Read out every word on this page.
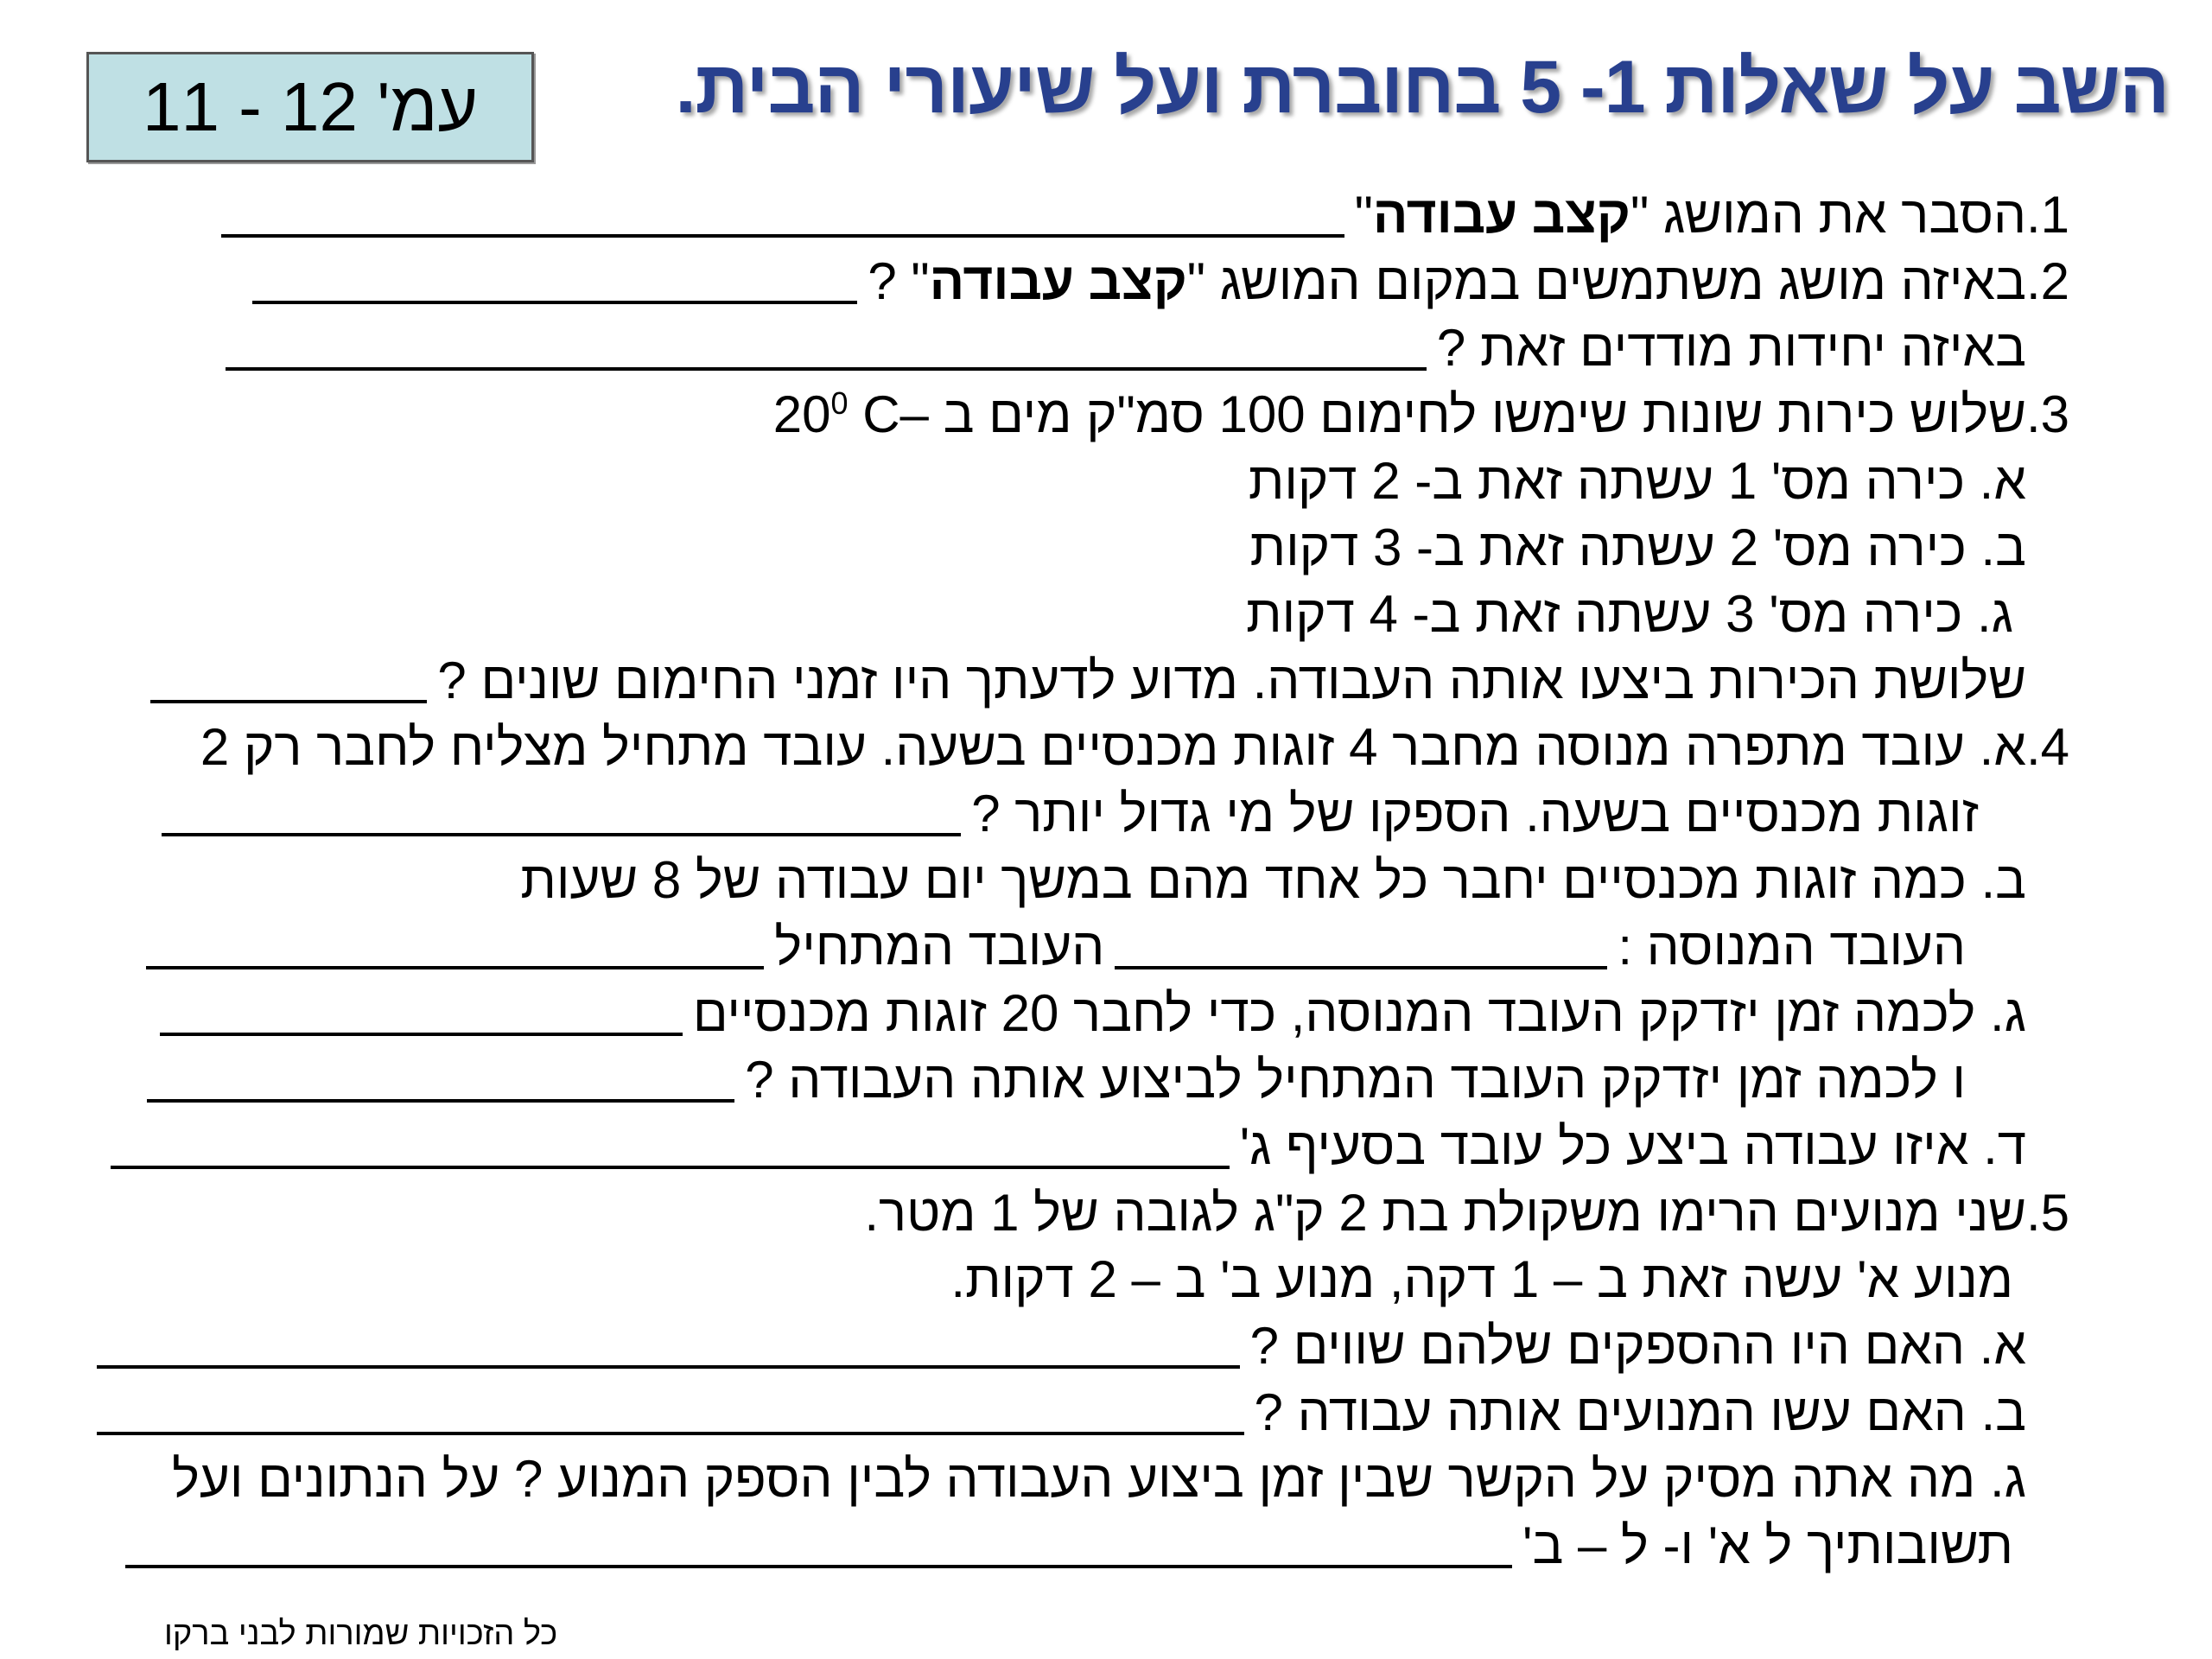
עמ' 12 - 11	השב על שאלות 1- 5 בחוברת ועל שיעורי הבית.
.1
הסבר את המושג "קצב עבודה"
.2
באיזה מושג משתמשים במקום המושג "קצב עבודה" ?
באיזה יחידות מודדים זאת ?
.3
שלוש כירות שונות שימשו לחימום 100 סמ"ק מים ב –
$20^0$ C
א. כירה מס' 1 עשתה זאת ב- 2 דקות
ב. כירה מס' 2 עשתה זאת ב- 3 דקות
ג. כירה מס' 3 עשתה זאת ב- 4 דקות
שלושת הכירות ביצעו אותה העבודה. מדוע לדעתך היו זמני החימום שונים ?
.4
א. עובד מתפרה מנוסה מחבר 4 זוגות מכנסיים בשעה. עובד מתחיל מצליח לחבר רק 2
זוגות מכנסיים בשעה. הספקו של מי גדול יותר ?
ב. כמה זוגות מכנסיים יחבר כל אחד מהם במשך יום עבודה של 8 שעות
העובד המנוסה :
העובד המתחיל
ג. לכמה זמן יזדקק העובד המנוסה, כדי לחבר 20 זוגות מכנסיים
ו לכמה זמן יזדקק העובד המתחיל לביצוע אותה העבודה ?
ד. איזו עבודה ביצע כל עובד בסעיף ג'
.5
שני מנועים הרימו משקולת בת 2 ק"ג לגובה של 1 מטר.
מנוע א' עשה זאת ב – 1 דקה, מנוע ב' ב – 2 דקות.
א. האם היו ההספקים שלהם שווים ?
ב. האם עשו המנועים אותה עבודה ?
ג. מה אתה מסיק על הקשר שבין זמן ביצוע העבודה לבין הספק המנוע ? על הנתונים ועל
תשובותיך ל א' ו- ל – ב'
כל הזכויות שמורות לבני ברקו
